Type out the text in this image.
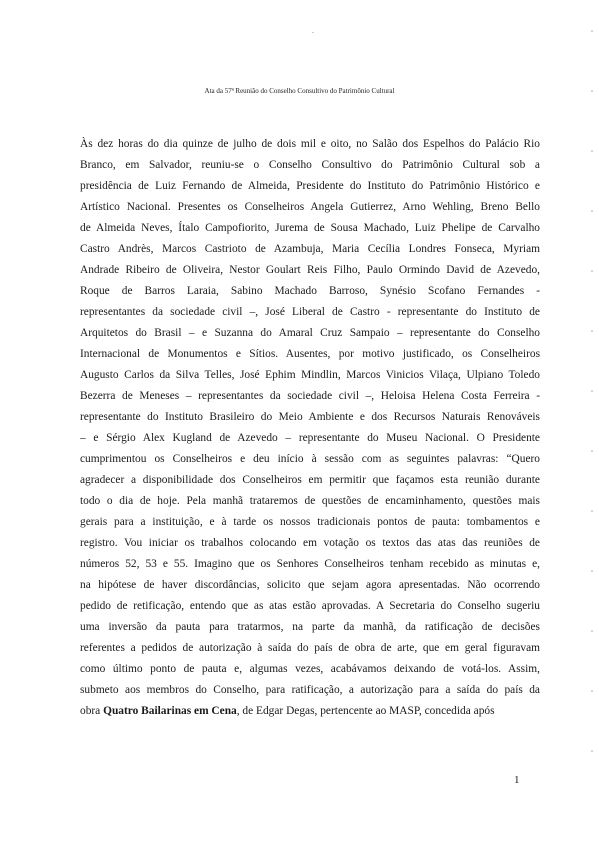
-
Ata da 57ª Reunião do Conselho Consultivo do Patrimônio Cultural
Às dez horas do dia quinze de julho de dois mil e oito, no Salão dos Espelhos do Palácio Rio
Branco, em Salvador, reuniu-se o Conselho Consultivo do Patrimônio Cultural sob a
presidência de Luiz Fernando de Almeida, Presidente do Instituto do Patrimônio Histórico e
Artístico Nacional. Presentes os Conselheiros Angela Gutierrez, Arno Wehling, Breno Bello
de Almeida Neves, Ítalo Campofiorito, Jurema de Sousa Machado, Luiz Phelipe de Carvalho
Castro Andrès, Marcos Castrioto de Azambuja, Maria Cecília Londres Fonseca, Myriam
Andrade Ribeiro de Oliveira, Nestor Goulart Reis Filho, Paulo Ormindo David de Azevedo,
Roque de Barros Laraia, Sabino Machado Barroso, Synésio Scofano Fernandes -
representantes da sociedade civil –, José Liberal de Castro - representante do Instituto de
Arquitetos do Brasil – e Suzanna do Amaral Cruz Sampaio – representante do Conselho
Internacional de Monumentos e Sítios. Ausentes, por motivo justificado, os Conselheiros
Augusto Carlos da Silva Telles, José Ephim Mindlin, Marcos Vinicios Vilaça, Ulpiano Toledo
Bezerra de Meneses – representantes da sociedade civil –, Heloisa Helena Costa Ferreira -
representante do Instituto Brasileiro do Meio Ambiente e dos Recursos Naturais Renováveis
– e Sérgio Alex Kugland de Azevedo – representante do Museu Nacional. O Presidente
cumprimentou os Conselheiros e deu início à sessão com as seguintes palavras: “Quero
agradecer a disponibilidade dos Conselheiros em permitir que façamos esta reunião durante
todo o dia de hoje. Pela manhã trataremos de questões de encaminhamento, questões mais
gerais para a instituição, e à tarde os nossos tradicionais pontos de pauta: tombamentos e
registro. Vou iniciar os trabalhos colocando em votação os textos das atas das reuniões de
números 52, 53 e 55. Imagino que os Senhores Conselheiros tenham recebido as minutas e,
na hipótese de haver discordâncias, solicito que sejam agora apresentadas. Não ocorrendo
pedido de retificação, entendo que as atas estão aprovadas. A Secretaria do Conselho sugeriu
uma inversão da pauta para tratarmos, na parte da manhã, da ratificação de decisões
referentes a pedidos de autorização à saída do país de obra de arte, que em geral figuravam
como último ponto de pauta e, algumas vezes, acabávamos deixando de votá-los. Assim,
submeto aos membros do Conselho, para ratificação, a autorização para a saída do país da
obra Quatro Bailarinas em Cena, de Edgar Degas, pertencente ao MASP, concedida após
1
